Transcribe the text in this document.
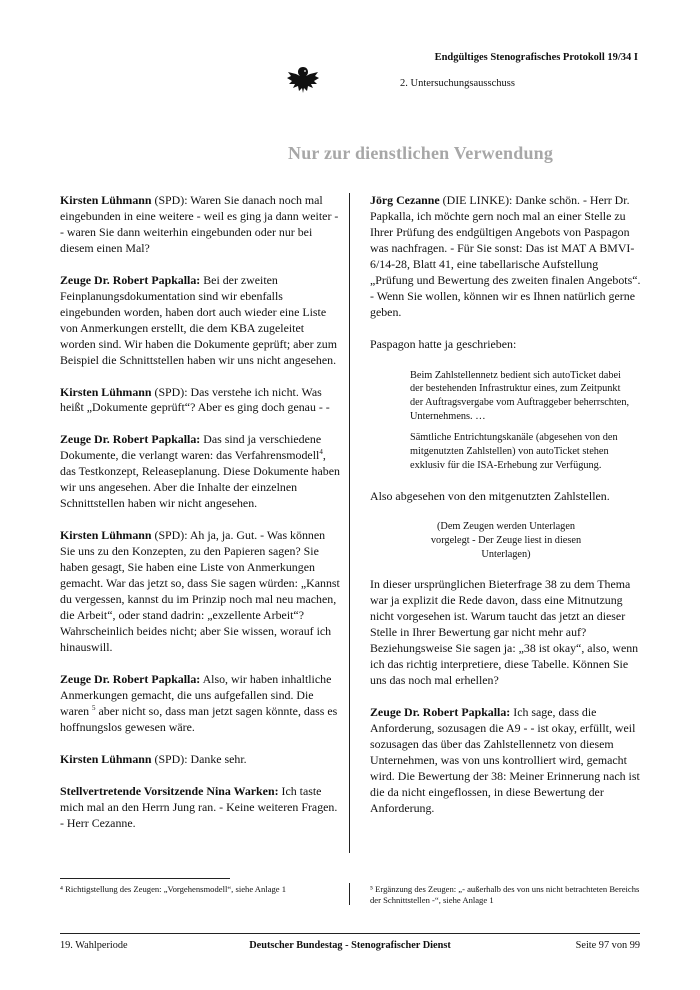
Endgültiges Stenografisches Protokoll 19/34 I
2. Untersuchungsausschuss
Nur zur dienstlichen Verwendung

Kirsten Lühmann (SPD): Waren Sie danach noch mal eingebunden in eine weitere - weil es ging ja dann weiter - - waren Sie dann weiterhin eingebunden oder nur bei diesem einen Mal?

Zeuge Dr. Robert Papkalla: Bei der zweiten Feinplanungsdokumentation sind wir ebenfalls eingebunden worden, haben dort auch wieder eine Liste von Anmerkungen erstellt, die dem KBA zugeleitet worden sind. Wir haben die Dokumente geprüft; aber zum Beispiel die Schnittstellen haben wir uns nicht angesehen.

Kirsten Lühmann (SPD): Das verstehe ich nicht. Was heißt „Dokumente geprüft“? Aber es ging doch genau - -

Zeuge Dr. Robert Papkalla: Das sind ja verschiedene Dokumente, die verlangt waren: das Verfahrensmodell$^4$, das Testkonzept, Releaseplanung. Diese Dokumente haben wir uns angesehen. Aber die Inhalte der einzelnen Schnittstellen haben wir nicht angesehen.

Kirsten Lühmann (SPD): Ah ja, ja. Gut. - Was können Sie uns zu den Konzepten, zu den Papieren sagen? Sie haben gesagt, Sie haben eine Liste von Anmerkungen gemacht. War das jetzt so, dass Sie sagen würden: „Kannst du vergessen, kannst du im Prinzip noch mal neu machen, die Arbeit“, oder stand dadrin: „exzellente Arbeit“? Wahrscheinlich beides nicht; aber Sie wissen, worauf ich hinauswill.

Zeuge Dr. Robert Papkalla: Also, wir haben inhaltliche Anmerkungen gemacht, die uns aufgefallen sind. Die waren $^5$ aber nicht so, dass man jetzt sagen könnte, dass es hoffnungslos gewesen wäre.

Kirsten Lühmann (SPD): Danke sehr.

Stellvertretende Vorsitzende Nina Warken: Ich taste mich mal an den Herrn Jung ran. - Keine weiteren Fragen. - Herr Cezanne.

Jörg Cezanne (DIE LINKE): Danke schön. - Herr Dr. Papkalla, ich möchte gern noch mal an einer Stelle zu Ihrer Prüfung des endgültigen Angebots von Paspagon was nachfragen. - Für Sie sonst: Das ist MAT A BMVI-6/14-28, Blatt 41, eine tabellarische Aufstellung „Prüfung und Bewertung des zweiten finalen Angebots“. - Wenn Sie wollen, können wir es Ihnen natürlich gerne geben.

Paspagon hatte ja geschrieben:

Beim Zahlstellennetz bedient sich autoTicket dabei der bestehenden Infrastruktur eines, zum Zeitpunkt der Auftragsvergabe vom Auftraggeber beherrschten, Unternehmens. …

Sämtliche Entrichtungskanäle (abgesehen von den mitgenutzten Zahlstellen) von autoTicket stehen exklusiv für die ISA-Erhebung zur Verfügung.

Also abgesehen von den mitgenutzten Zahlstellen.

(Dem Zeugen werden Unterlagen vorgelegt - Der Zeuge liest in diesen Unterlagen)

In dieser ursprünglichen Bieterfrage 38 zu dem Thema war ja explizit die Rede davon, dass eine Mitnutzung nicht vorgesehen ist. Warum taucht das jetzt an dieser Stelle in Ihrer Bewertung gar nicht mehr auf? Beziehungsweise Sie sagen ja: „38 ist okay“, also, wenn ich das richtig interpretiere, diese Tabelle. Können Sie uns das noch mal erhellen?

Zeuge Dr. Robert Papkalla: Ich sage, dass die Anforderung, sozusagen die A9 - - ist okay, erfüllt, weil sozusagen das über das Zahlstellennetz von diesem Unternehmen, was von uns kontrolliert wird, gemacht wird. Die Bewertung der 38: Meiner Erinnerung nach ist die da nicht eingeflossen, in diese Bewertung der Anforderung.

⁴ Richtigstellung des Zeugen: „Vorgehensmodell“, siehe Anlage 1	⁵ Ergänzung des Zeugen: „- außerhalb des von uns nicht betrachteten Bereichs der Schnittstellen -“, siehe Anlage 1
19. Wahlperiode	Deutscher Bundestag - Stenografischer Dienst	Seite 97 von 99
